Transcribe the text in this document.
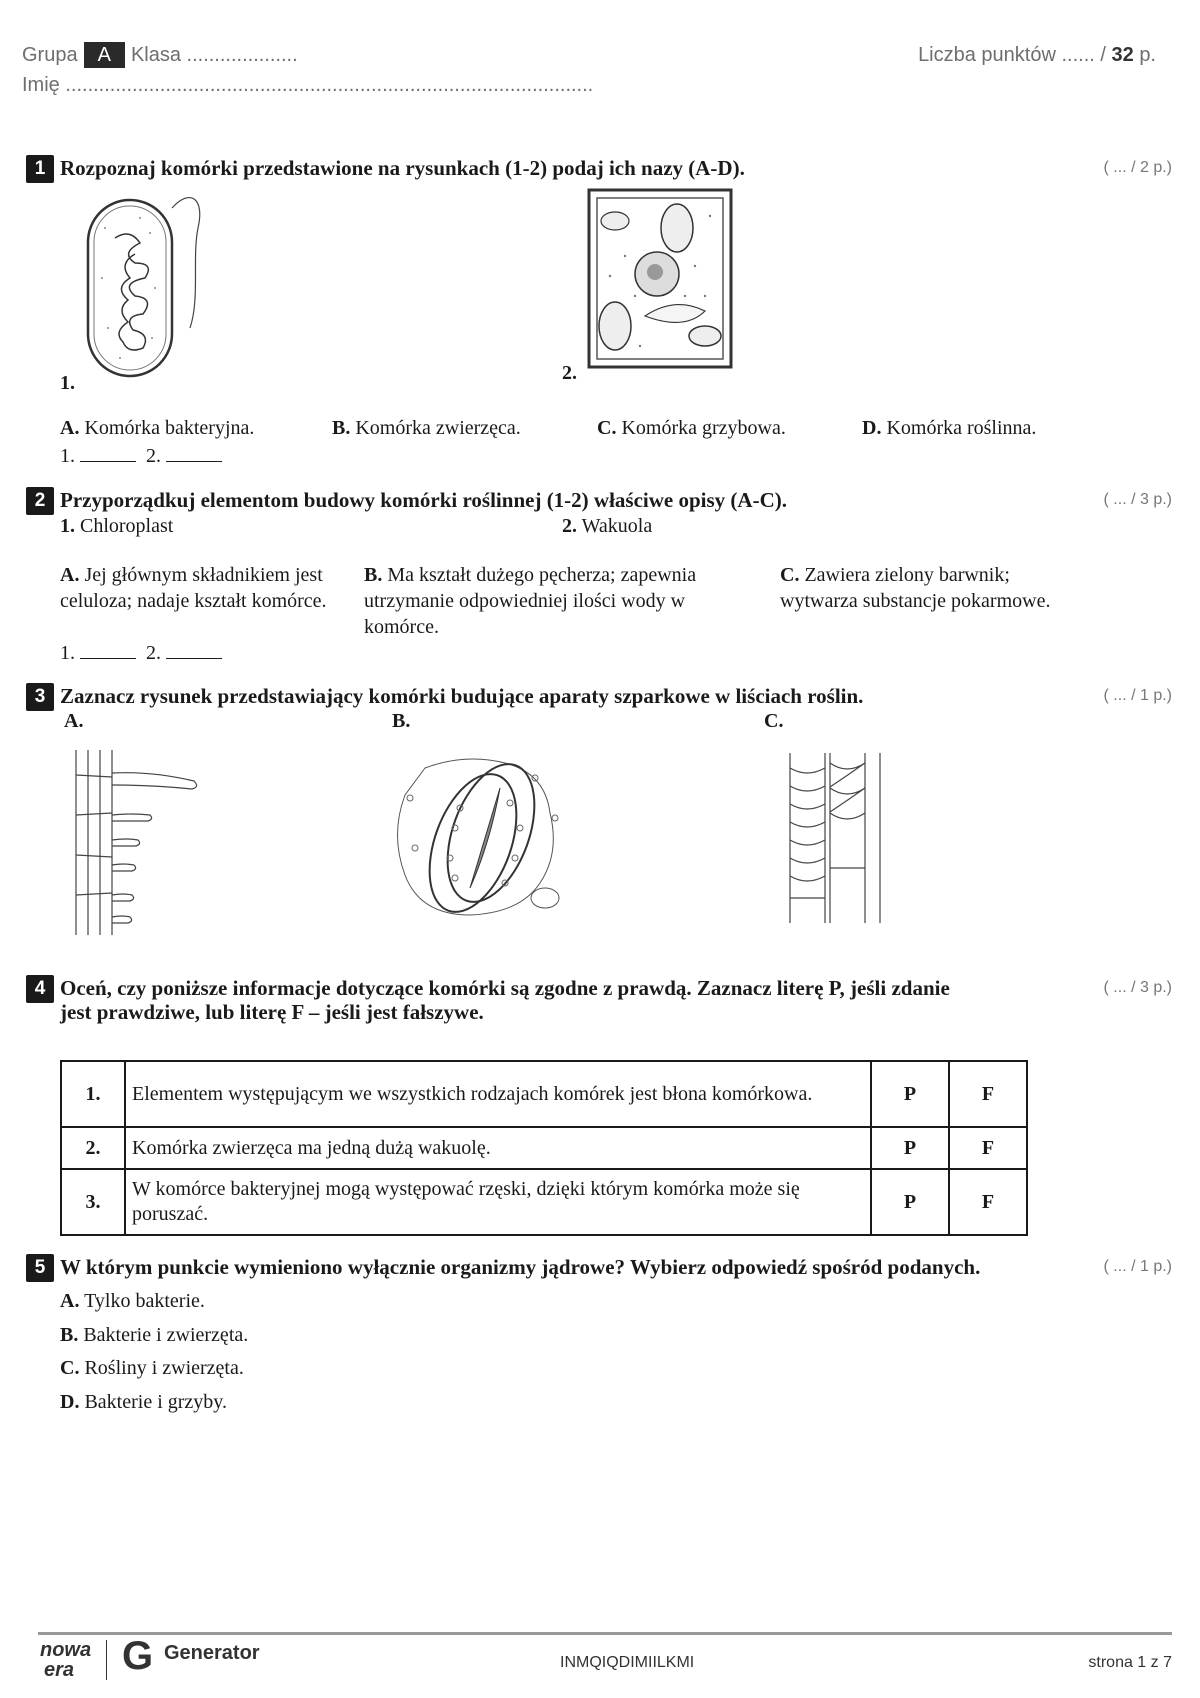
Grupa A Klasa ....................
Imię ...............................................................................................
Liczba punktów ...... / 32 p.
1 Rozpoznaj komórki przedstawione na rysunkach (1-2) podaj ich nazy (A-D).	( ... / 2 p.)
1.	2.
A. Komórka bakteryjna.	B. Komórka zwierzęca.	C. Komórka grzybowa.	D. Komórka roślinna.
1.	2.
2 Przyporządkuj elementom budowy komórki roślinnej (1-2) właściwe opisy (A-C).	( ... / 3 p.)
1. Chloroplast	2. Wakuola
A. Jej głównym składnikiem jest celuloza; nadaje kształt komórce.
B. Ma kształt dużego pęcherza; zapewnia utrzymanie odpowiedniej ilości wody w komórce.
C. Zawiera zielony barwnik; wytwarza substancje pokarmowe.
1.	2.
3 Zaznacz rysunek przedstawiający komórki budujące aparaty szparkowe w liściach roślin.	( ... / 1 p.)
A.	B.	C.
4 Oceń, czy poniższe informacje dotyczące komórki są zgodne z prawdą. Zaznacz literę P, jeśli zdanie
jest prawdziwe, lub literę F – jeśli jest fałszywe.
( ... / 3 p.)
1.	Elementem występującym we wszystkich rodzajach komórek jest błona komórkowa.	P	F
2.	Komórka zwierzęca ma jedną dużą wakuolę.	P	F
3.	W komórce bakteryjnej mogą występować rzęski, dzięki którym komórka może się poruszać.	P	F
5 W którym punkcie wymieniono wyłącznie organizmy jądrowe? Wybierz odpowiedź spośród podanych.	( ... / 1 p.)
A. Tylko bakterie.
B. Bakterie i zwierzęta.
C. Rośliny i zwierzęta.
D. Bakterie i grzyby.
nowa
era	G Generator	INMQIQDIMIILKMI	strona 1 z 7
